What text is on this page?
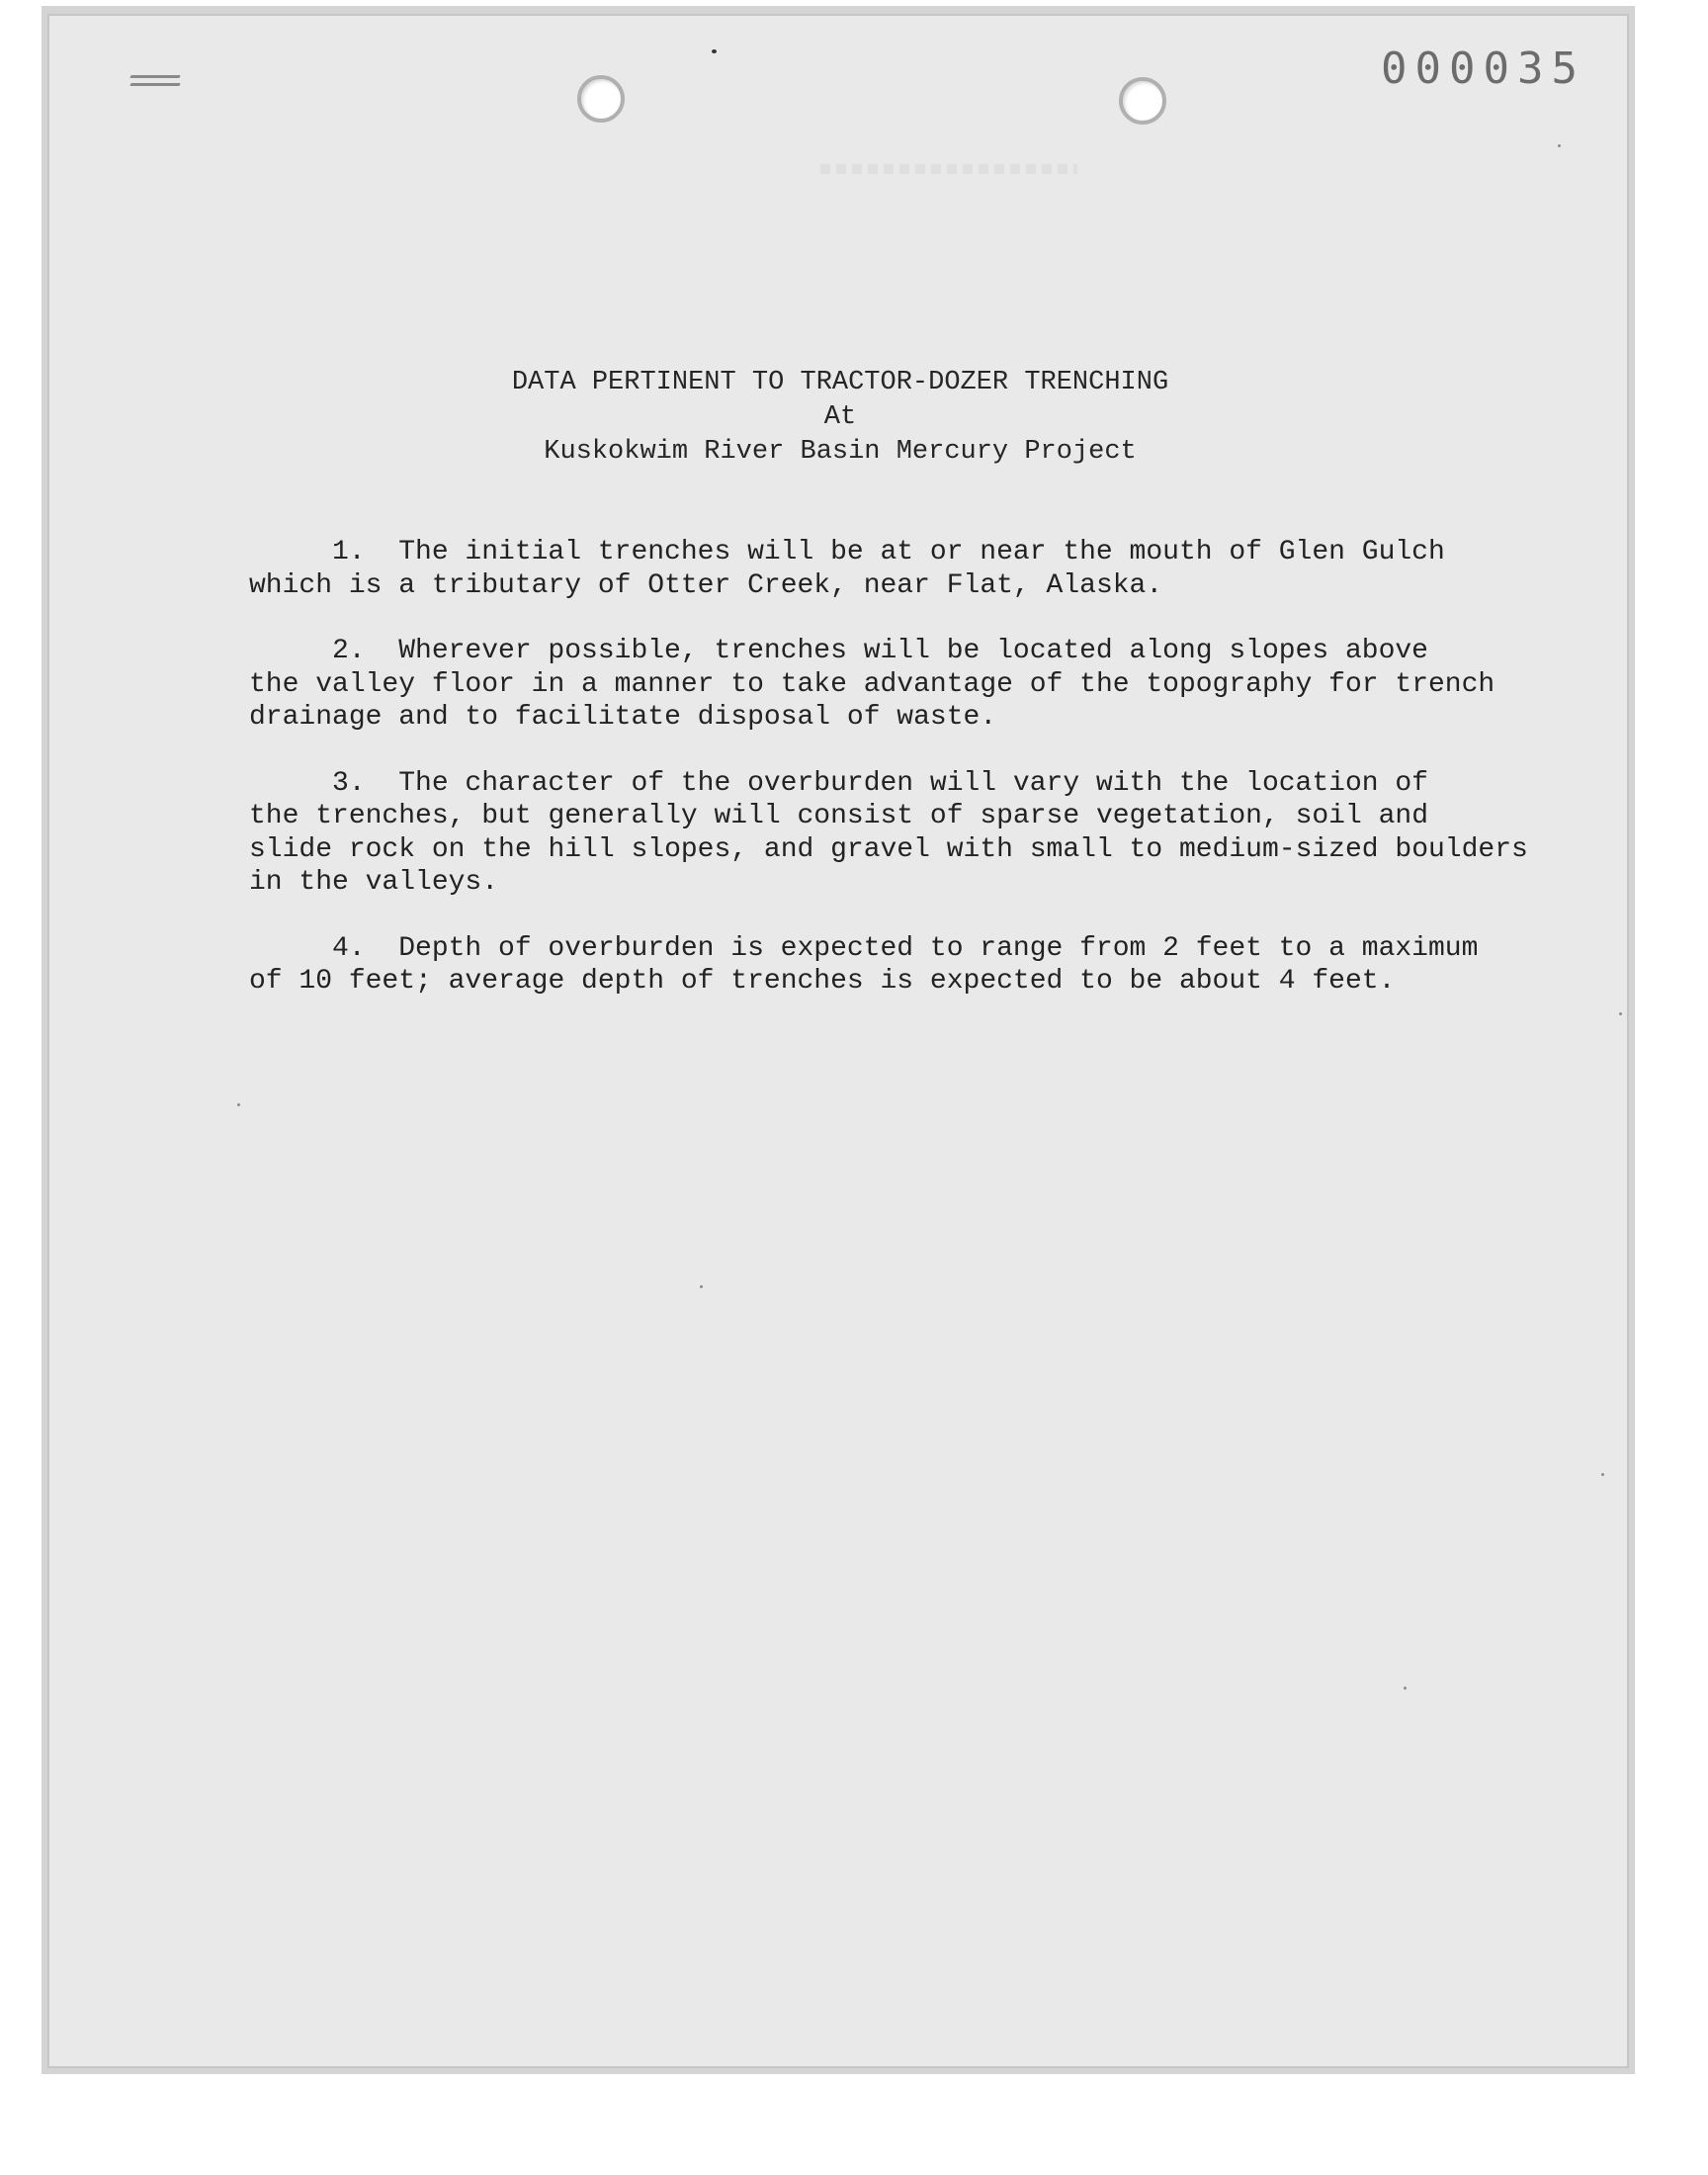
000035
DATA PERTINENT TO TRACTOR-DOZER TRENCHING
At
Kuskokwim River Basin Mercury Project
1.  The initial trenches will be at or near the mouth of Glen Gulch
which is a tributary of Otter Creek, near Flat, Alaska.
2.  Wherever possible, trenches will be located along slopes above
the valley floor in a manner to take advantage of the topography for trench
drainage and to facilitate disposal of waste.
3.  The character of the overburden will vary with the location of
the trenches, but generally will consist of sparse vegetation, soil and
slide rock on the hill slopes, and gravel with small to medium-sized boulders
in the valleys.
4.  Depth of overburden is expected to range from 2 feet to a maximum
of 10 feet; average depth of trenches is expected to be about 4 feet.
